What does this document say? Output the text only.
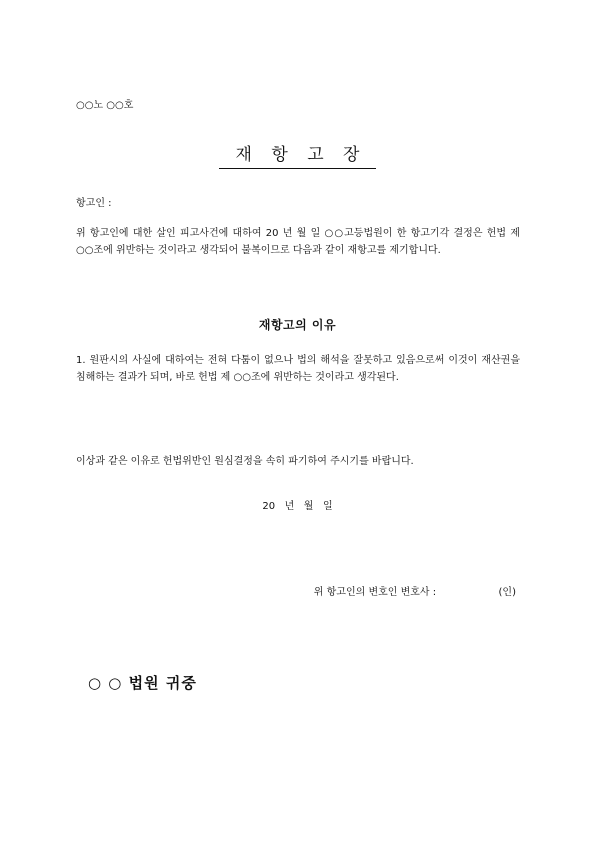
○○노 ○○호
재 항 고 장
항고인 :

위 항고인에 대한 살인 피고사건에 대하여 20 년 월 일 ○○고등법원이 한 항고기각 결정은 헌법 제 ○○조에 위반하는 것이라고 생각되어 불복이므로 다음과 같이 재항고를 제기합니다.

재항고의 이유

1. 원판시의 사실에 대하여는 전혀 다툼이 없으나 법의 해석을 잘못하고 있음으로써 이것이 재산권을 침해하는 결과가 되며, 바로 헌법 제 ○○조에 위반하는 것이라고 생각된다.

이상과 같은 이유로 헌법위반인 원심결정을 속히 파기하여 주시기를 바랍니다.

20   년   월   일
위 항고인의 변호인 변호사 :	(인)
○ ○ 법원 귀중
